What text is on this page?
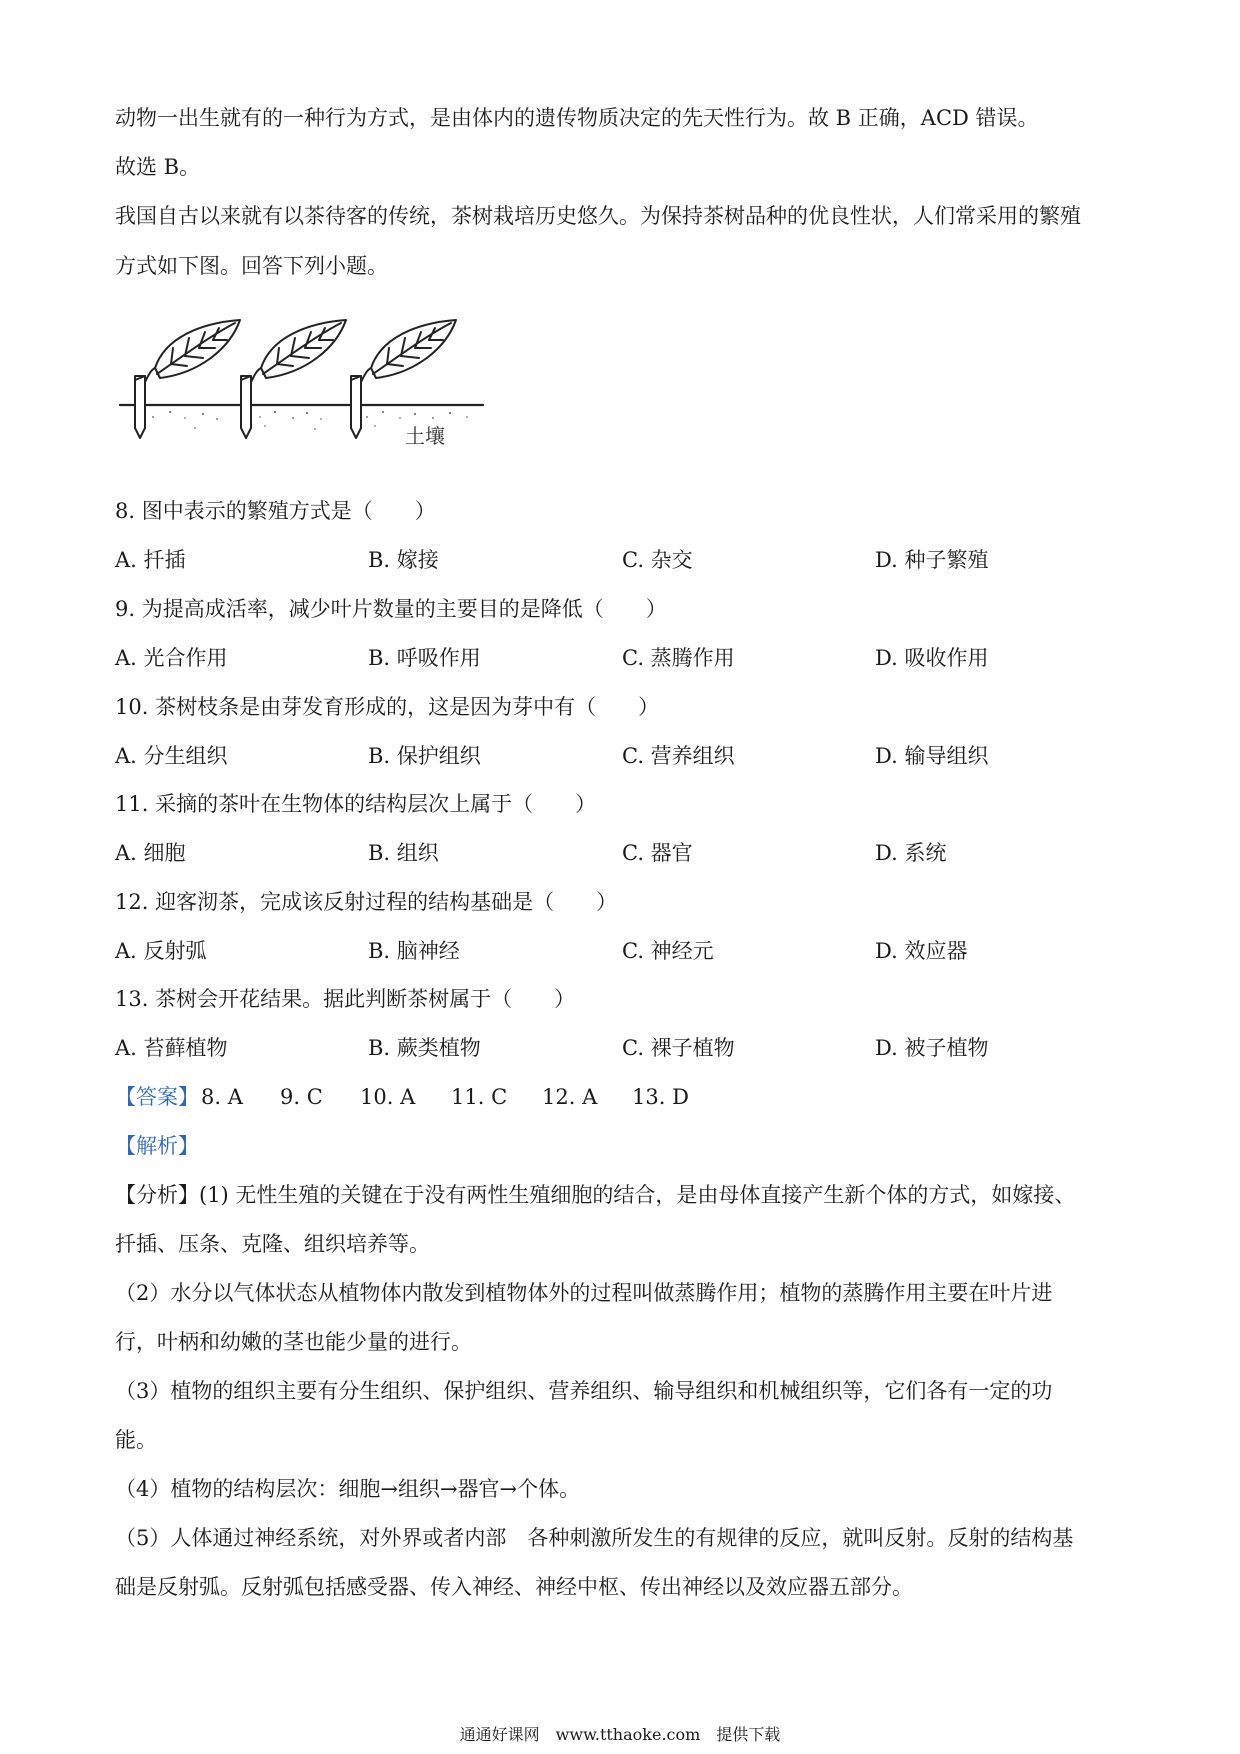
动物一出生就有的一种行为方式，是由体内的遗传物质决定的先天性行为。故 B 正确，ACD 错误。
故选 B。
我国自古以来就有以茶待客的传统，茶树栽培历史悠久。为保持茶树品种的优良性状，人们常采用的繁殖
方式如下图。回答下列小题。
土壤
8. 图中表示的繁殖方式是（　　）
A. 扦插	B. 嫁接	C. 杂交	D. 种子繁殖
9. 为提高成活率，减少叶片数量的主要目的是降低（　　）
A. 光合作用	B. 呼吸作用	C. 蒸腾作用	D. 吸收作用
10. 茶树枝条是由芽发育形成的，这是因为芽中有（　　）
A. 分生组织	B. 保护组织	C. 营养组织	D. 输导组织
11. 采摘的茶叶在生物体的结构层次上属于（　　）
A. 细胞	B. 组织	C. 器官	D. 系统
12. 迎客沏茶，完成该反射过程的结构基础是（　　）
A. 反射弧	B. 脑神经	C. 神经元	D. 效应器
13. 茶树会开花结果。据此判断茶树属于（　　）
A. 苔藓植物	B. 蕨类植物	C. 裸子植物	D. 被子植物
【答案】 8. A 9. C 10. A 11. C 12. A 13. D
【解析】
【分析】(1) 无性生殖的关键在于没有两性生殖细胞的结合，是由母体直接产生新个体的方式，如嫁接、
扦插、压条、克隆、组织培养等。
（2）水分以气体状态从植物体内散发到植物体外的过程叫做蒸腾作用；植物的蒸腾作用主要在叶片进
行，叶柄和幼嫩的茎也能少量的进行。
（3）植物的组织主要有分生组织、保护组织、营养组织、输导组织和机械组织等，它们各有一定的功
能。
（4）植物的结构层次：细胞→组织→器官→个体。
（5）人体通过神经系统，对外界或者内部　各种刺激所发生的有规律的反应，就叫反射。反射的结构基
础是反射弧。反射弧包括感受器、传入神经、神经中枢、传出神经以及效应器五部分。
通通好课网　www.tthaoke.com　提供下载
